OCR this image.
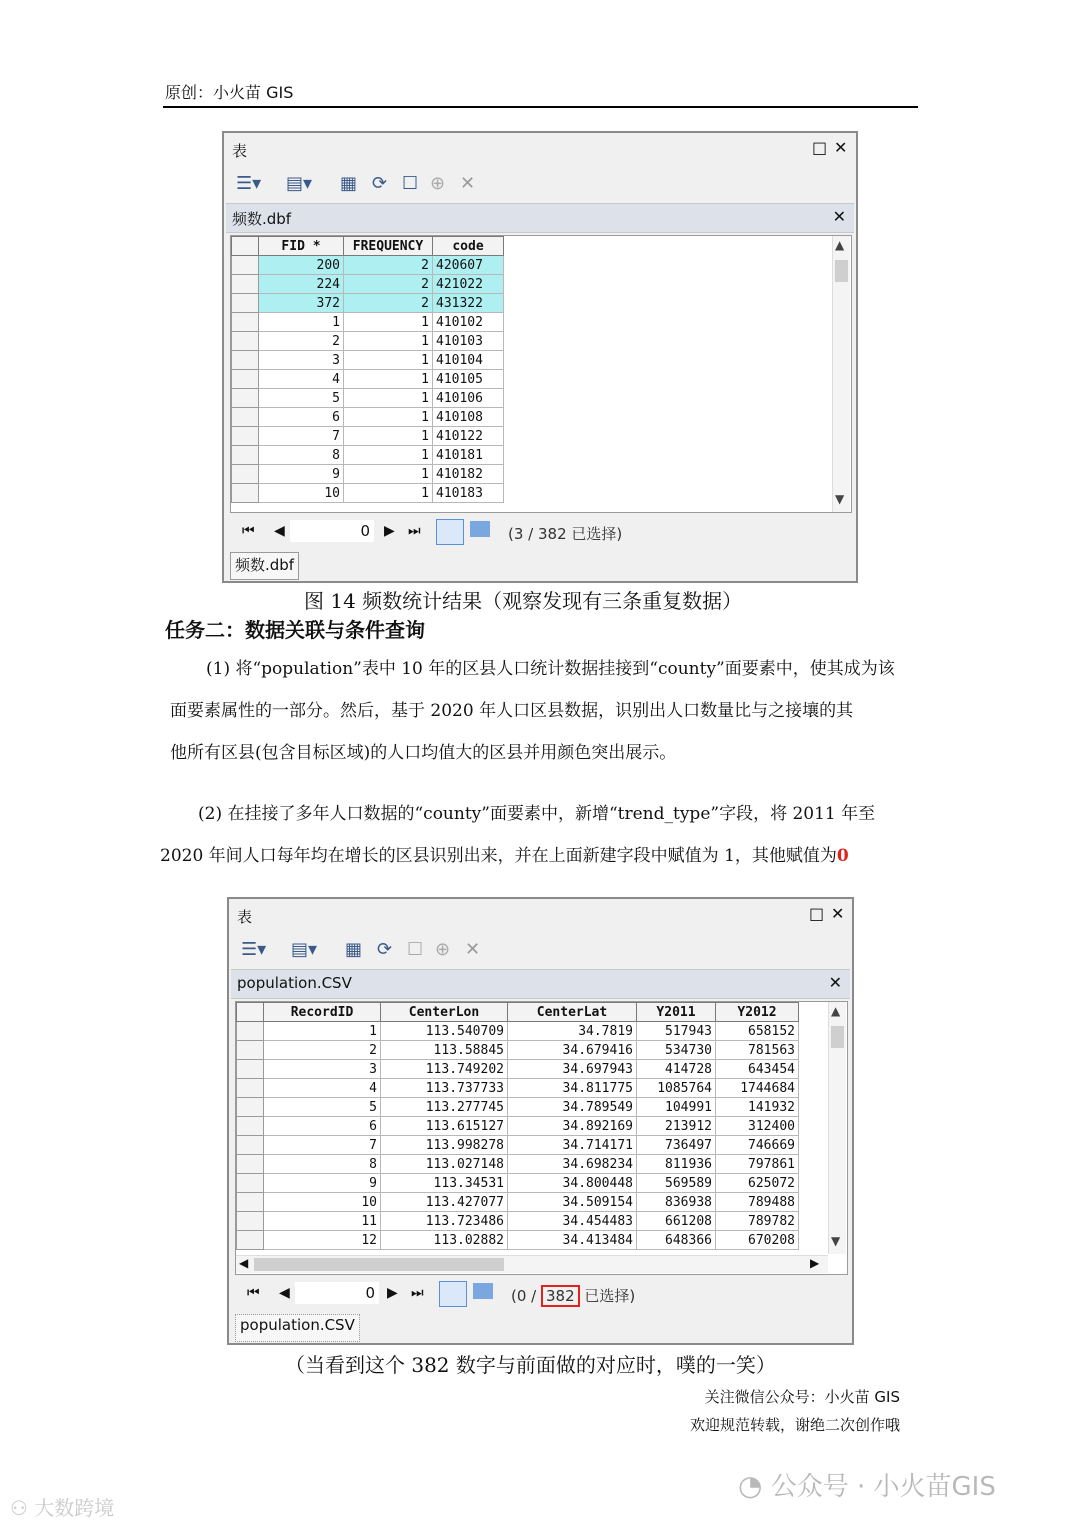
原创：小火苗 GIS
表	□ ✕
☰▾ ▤▾ ▦ ⟳ ☐ ⊕ ✕
频数.dbf	✕
	FID *	FREQUENCY	code
	200	2	420607
	224	2	421022
	372	2	431322
	1	1	410102
	2	1	410103
	3	1	410104
	4	1	410105
	5	1	410106
	6	1	410108
	7	1	410122
	8	1	410181
	9	1	410182
	10	1	410183
▲
▼
⏮ ◀	0 ▶ ⏭	(3 / 382 已选择)
频数.dbf
图 14 频数统计结果（观察发现有三条重复数据）
任务二：数据关联与条件查询
(1) 将“population”表中 10 年的区县人口统计数据挂接到“county”面要素中，使其成为该
面要素属性的一部分。然后，基于 2020 年人口区县数据，识别出人口数量比与之接壤的其
他所有区县(包含目标区域)的人口均值大的区县并用颜色突出展示。
(2) 在挂接了多年人口数据的“county”面要素中，新增“trend_type”字段，将 2011 年至
2020 年间人口每年均在增长的区县识别出来，并在上面新建字段中赋值为 1，其他赋值为0
表	□ ✕
☰▾ ▤▾ ▦ ⟳ ☐ ⊕ ✕
population.CSV	✕
	RecordID	CenterLon	CenterLat	Y2011	Y2012
	1	113.540709	34.7819	517943	658152
	2	113.58845	34.679416	534730	781563
	3	113.749202	34.697943	414728	643454
	4	113.737733	34.811775	1085764	1744684
	5	113.277745	34.789549	104991	141932
	6	113.615127	34.892169	213912	312400
	7	113.998278	34.714171	736497	746669
	8	113.027148	34.698234	811936	797861
	9	113.34531	34.800448	569589	625072
	10	113.427077	34.509154	836938	789488
	11	113.723486	34.454483	661208	789782
	12	113.02882	34.413484	648366	670208
▲
▼
◀	▶
⏮ ◀	0 ▶ ⏭	(0 / 382 已选择)
population.CSV
（当看到这个 382 数字与前面做的对应时，噗的一笑）
关注微信公众号：小火苗 GIS
欢迎规范转载，谢绝二次创作哦
◔ 公众号 · 小火苗GIS
⚇ 大数跨境
